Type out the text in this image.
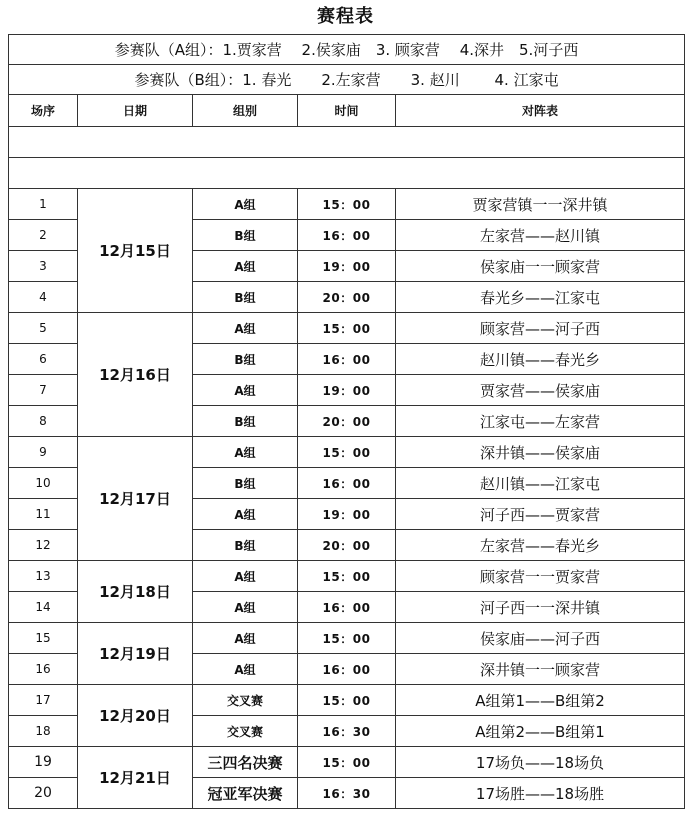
赛程表
参赛队（A组）：1.贾家营　 2.侯家庙　3. 顾家营　 4.深井　5.河子西				
参赛队（B组）：1. 春光　　2.左家营　　3. 赵川　　 4. 江家屯				
场序	日期	组别	时间	对阵表

1	12月15日	A组	15：00	贾家营镇一一深井镇
2		B组	16：00	左家营——赵川镇
3		A组	19：00	侯家庙一一顾家营
4		B组	20：00	春光乡——江家屯
5	12月16日	A组	15：00	顾家营——河子西
6		B组	16：00	赵川镇——春光乡
7		A组	19：00	贾家营——侯家庙
8		B组	20：00	江家屯——左家营
9	12月17日	A组	15：00	深井镇——侯家庙
10		B组	16：00	赵川镇——江家屯
11		A组	19：00	河子西——贾家营
12		B组	20：00	左家营——春光乡
13	12月18日	A组	15：00	顾家营一一贾家营
14		A组	16：00	河子西一一深井镇
15	12月19日	A组	15：00	侯家庙——河子西
16		A组	16：00	深井镇一一顾家营
17	12月20日	交叉赛	15：00	A组第1——B组第2
18		交叉赛	16：30	A组第2——B组第1
19	12月21日	三四名决赛	15：00	17场负——18场负
20		冠亚军决赛	16：30	17场胜——18场胜
